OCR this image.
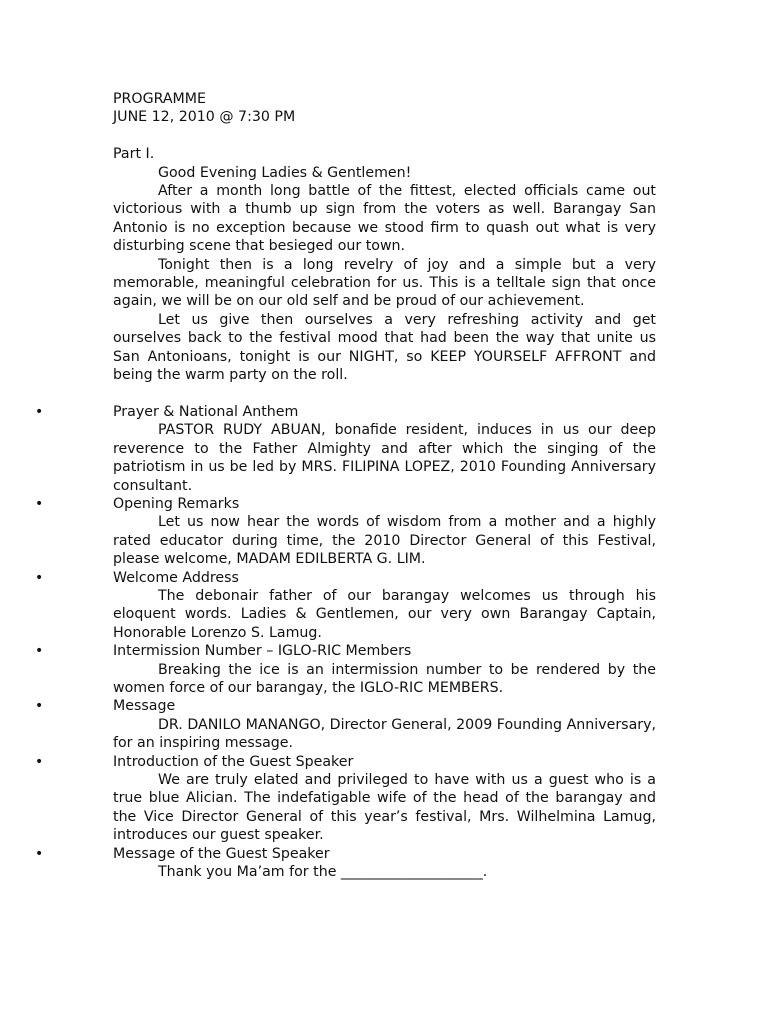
PROGRAMME
JUNE 12, 2010 @ 7:30 PM
Part I.
Good Evening Ladies & Gentlemen!

After a month long battle of the fittest, elected officials came out victorious with a thumb up sign from the voters as well. Barangay San Antonio is no exception because we stood firm to quash out what is very disturbing scene that besieged our town.

Tonight then is a long revelry of joy and a simple but a very memorable, meaningful celebration for us. This is a telltale sign that once again, we will be on our old self and be proud of our achievement.

Let us give then ourselves a very refreshing activity and get ourselves back to the festival mood that had been the way that unite us San Antonioans, tonight is our NIGHT, so KEEP YOURSELF AFFRONT and being the warm party on the roll.

•	Prayer & National Anthem

PASTOR RUDY ABUAN, bonafide resident, induces in us our deep reverence to the Father Almighty and after which the singing of the patriotism in us be led by MRS. FILIPINA LOPEZ, 2010 Founding Anniversary consultant.

•	Opening Remarks

Let us now hear the words of wisdom from a mother and a highly rated educator during time, the 2010 Director General of this Festival, please welcome, MADAM EDILBERTA G. LIM.

•	Welcome Address

The debonair father of our barangay welcomes us through his eloquent words. Ladies & Gentlemen, our very own Barangay Captain, Honorable Lorenzo S. Lamug.

•	Intermission Number – IGLO-RIC Members

Breaking the ice is an intermission number to be rendered by the women force of our barangay, the IGLO-RIC MEMBERS.

•	Message

DR. DANILO MANANGO, Director General, 2009 Founding Anniversary, for an inspiring message.

•	Introduction of the Guest Speaker

We are truly elated and privileged to have with us a guest who is a true blue Alician. The indefatigable wife of the head of the barangay and the Vice Director General of this year’s festival, Mrs. Wilhelmina Lamug, introduces our guest speaker.

•	Message of the Guest Speaker
Thank you Ma’am for the ____________________.
